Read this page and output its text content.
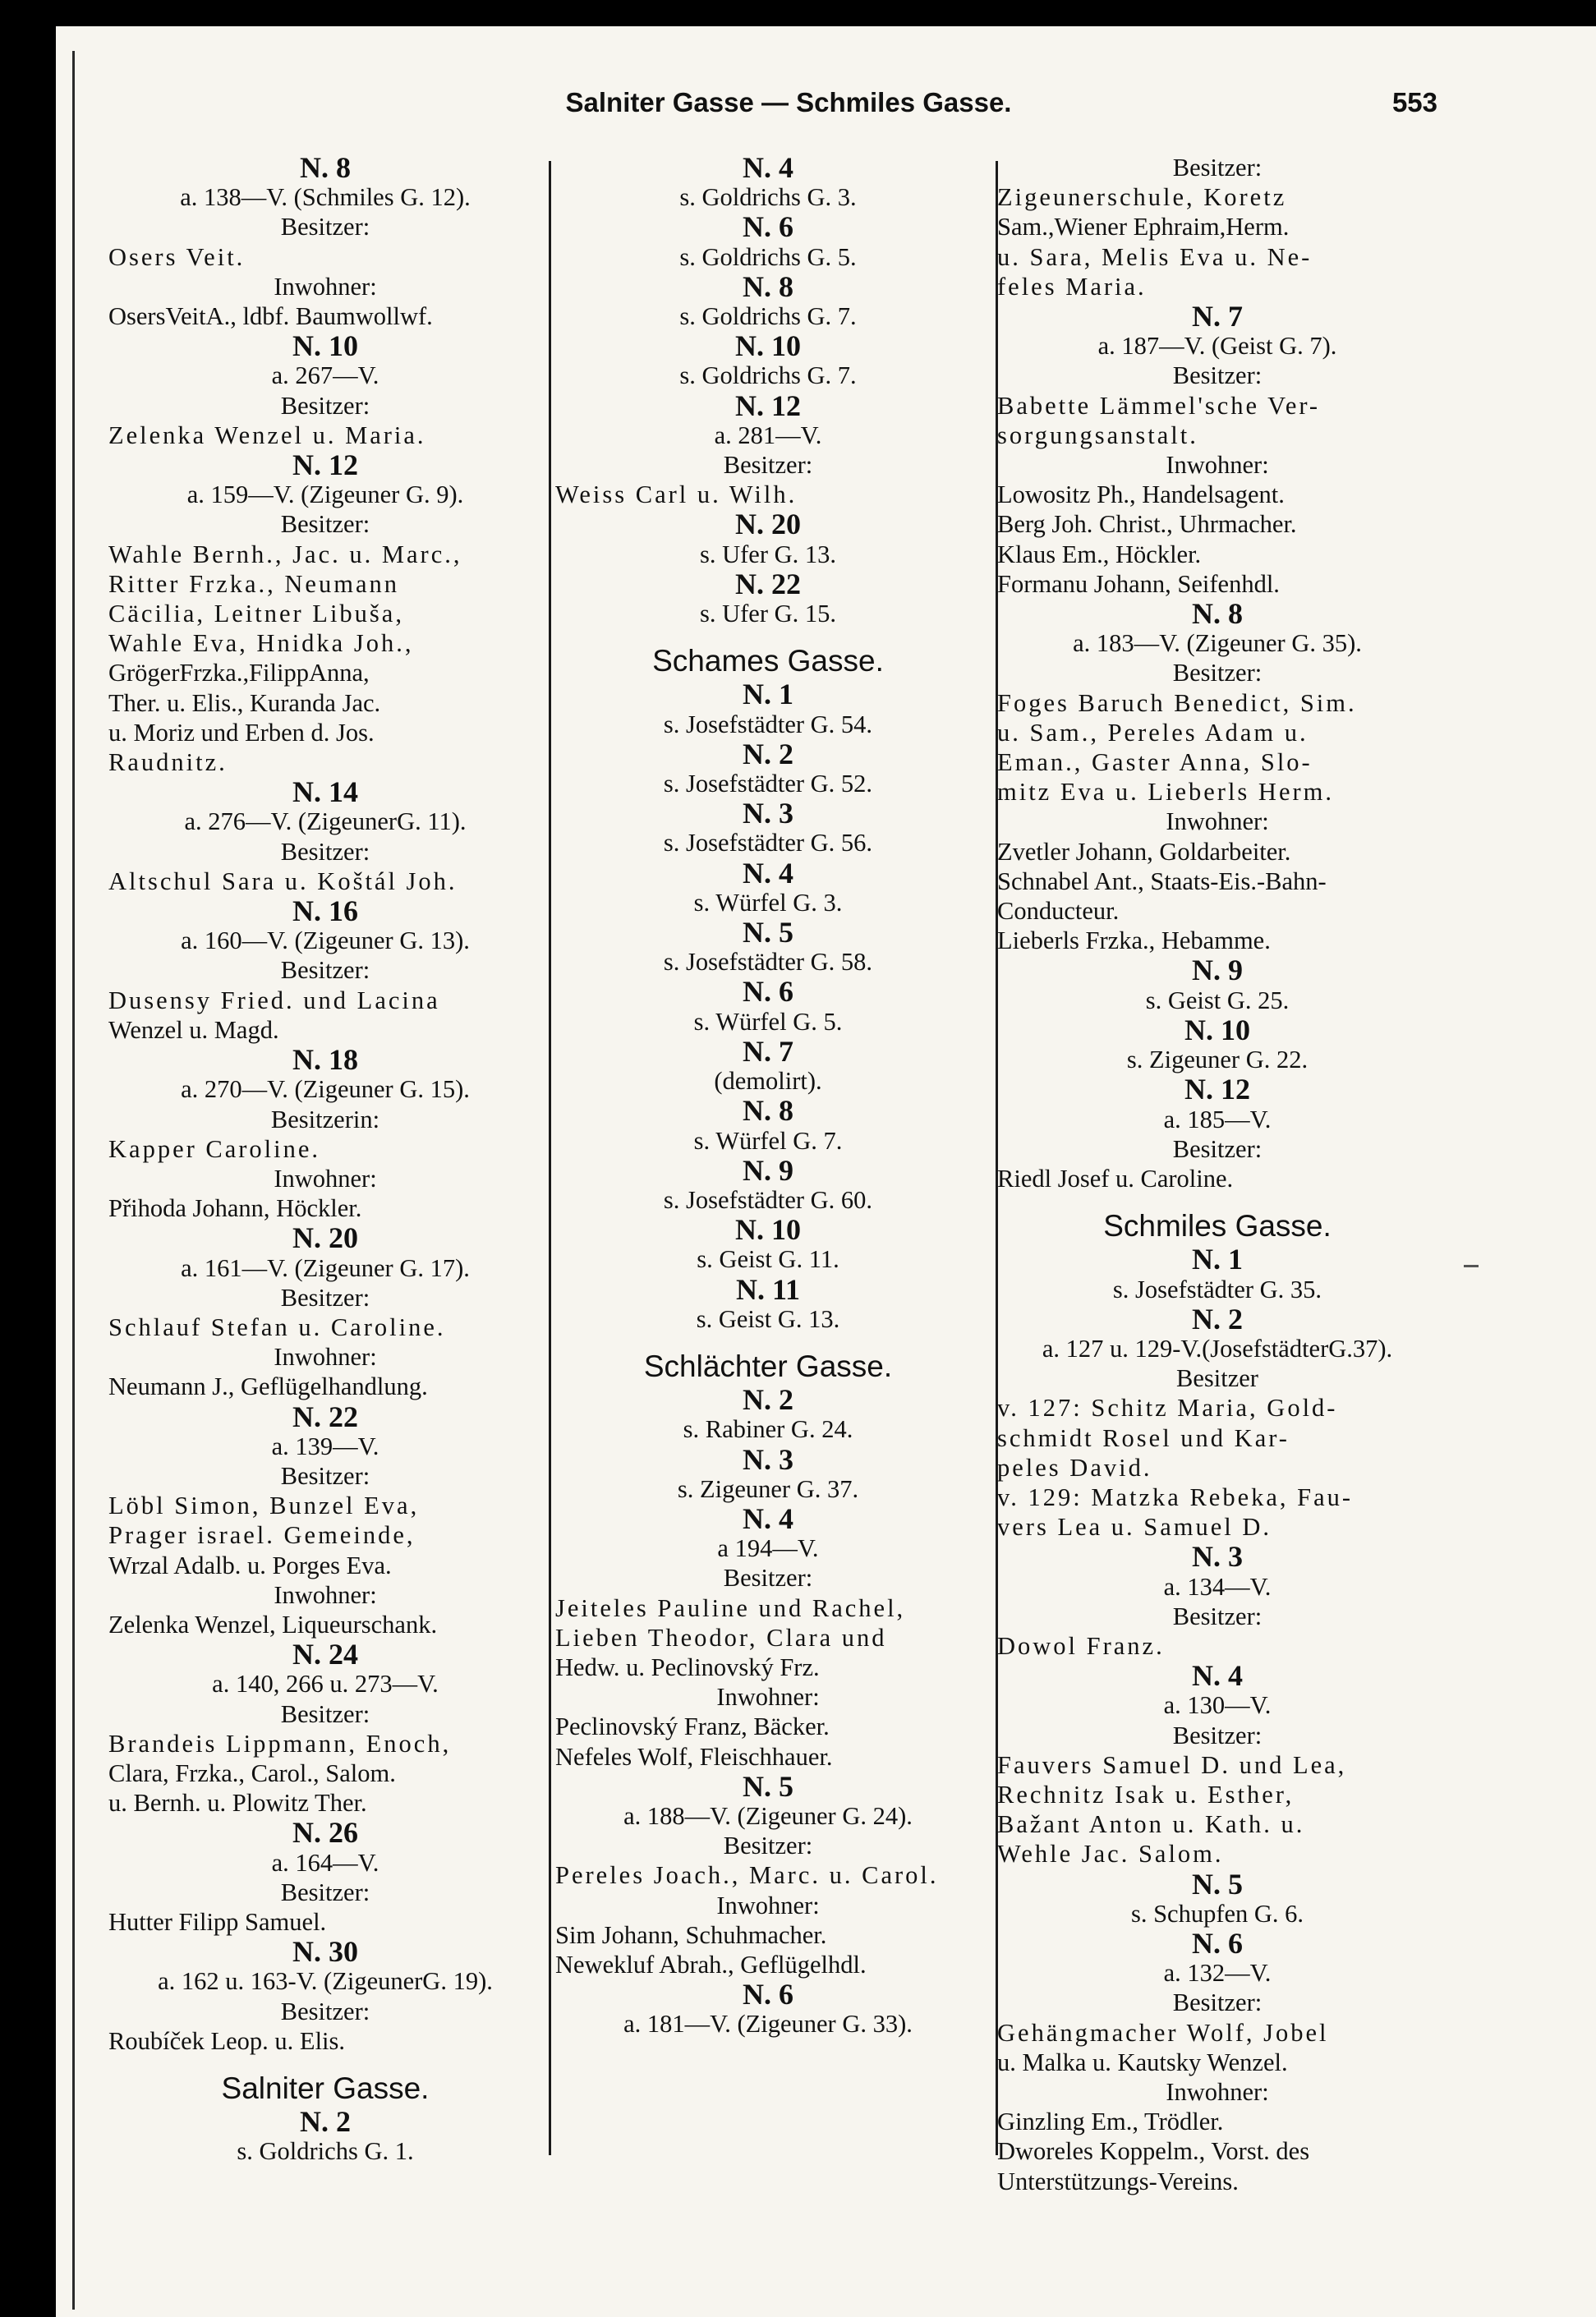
Salniter Gasse — Schmiles Gasse.	553
N. 8
a. 138—V. (Schmiles G. 12).
Besitzer:
Osers Veit.
Inwohner:
OsersVeitA., ldbf. Baumwollwf.
N. 10
a. 267—V.
Besitzer:
Zelenka Wenzel u. Maria.
N. 12
a. 159—V. (Zigeuner G. 9).
Besitzer:
Wahle Bernh., Jac. u. Marc.,
Ritter Frzka., Neumann
Cäcilia, Leitner Libuša,
Wahle Eva, Hnidka Joh.,
GrögerFrzka.,FilippAnna,
Ther. u. Elis., Kuranda Jac.
u. Moriz und Erben d. Jos.
Raudnitz.
N. 14
a. 276—V. (ZigeunerG. 11).
Besitzer:
Altschul Sara u. Koštál Joh.
N. 16
a. 160—V. (Zigeuner G. 13).
Besitzer:
Dusensy Fried. und Lacina
Wenzel u. Magd.
N. 18
a. 270—V. (Zigeuner G. 15).
Besitzerin:
Kapper Caroline.
Inwohner:
Přihoda Johann, Höckler.
N. 20
a. 161—V. (Zigeuner G. 17).
Besitzer:
Schlauf Stefan u. Caroline.
Inwohner:
Neumann J., Geflügelhandlung.
N. 22
a. 139—V.
Besitzer:
Löbl Simon, Bunzel Eva,
Prager israel. Gemeinde,
Wrzal Adalb. u. Porges Eva.
Inwohner:
Zelenka Wenzel, Liqueurschank.
N. 24
a. 140, 266 u. 273—V.
Besitzer:
Brandeis Lippmann, Enoch,
Clara, Frzka., Carol., Salom.
u. Bernh. u. Plowitz Ther.
N. 26
a. 164—V.
Besitzer:
Hutter Filipp Samuel.
N. 30
a. 162 u. 163-V. (ZigeunerG. 19).
Besitzer:
Roubíček Leop. u. Elis.
Salniter Gasse.
N. 2
s. Goldrichs G. 1.
N. 4
s. Goldrichs G. 3.
N. 6
s. Goldrichs G. 5.
N. 8
s. Goldrichs G. 7.
N. 10
s. Goldrichs G. 7.
N. 12
a. 281—V.
Besitzer:
Weiss Carl u. Wilh.
N. 20
s. Ufer G. 13.
N. 22
s. Ufer G. 15.
Schames Gasse.
N. 1
s. Josefstädter G. 54.
N. 2
s. Josefstädter G. 52.
N. 3
s. Josefstädter G. 56.
N. 4
s. Würfel G. 3.
N. 5
s. Josefstädter G. 58.
N. 6
s. Würfel G. 5.
N. 7
(demolirt).
N. 8
s. Würfel G. 7.
N. 9
s. Josefstädter G. 60.
N. 10
s. Geist G. 11.
N. 11
s. Geist G. 13.
Schlächter Gasse.
N. 2
s. Rabiner G. 24.
N. 3
s. Zigeuner G. 37.
N. 4
a 194—V.
Besitzer:
Jeiteles Pauline und Rachel,
Lieben Theodor, Clara und
Hedw. u. Peclinovský Frz.
Inwohner:
Peclinovský Franz, Bäcker.
Nefeles Wolf, Fleischhauer.
N. 5
a. 188—V. (Zigeuner G. 24).
Besitzer:
Pereles Joach., Marc. u. Carol.
Inwohner:
Sim Johann, Schuhmacher.
Newekluf Abrah., Geflügelhdl.
N. 6
a. 181—V. (Zigeuner G. 33).
Besitzer:
Zigeunerschule, Koretz
Sam.,Wiener Ephraim,Herm.
u. Sara, Melis Eva u. Ne-
feles Maria.
N. 7
a. 187—V. (Geist G. 7).
Besitzer:
Babette Lämmel'sche Ver-
sorgungsanstalt.
Inwohner:
Lowositz Ph., Handelsagent.
Berg Joh. Christ., Uhrmacher.
Klaus Em., Höckler.
Formanu Johann, Seifenhdl.
N. 8
a. 183—V. (Zigeuner G. 35).
Besitzer:
Foges Baruch Benedict, Sim.
u. Sam., Pereles Adam u.
Eman., Gaster Anna, Slo-
mitz Eva u. Lieberls Herm.
Inwohner:
Zvetler Johann, Goldarbeiter.
Schnabel Ant., Staats-Eis.-Bahn-
Conducteur.
Lieberls Frzka., Hebamme.
N. 9
s. Geist G. 25.
N. 10
s. Zigeuner G. 22.
N. 12
a. 185—V.
Besitzer:
Riedl Josef u. Caroline.
Schmiles Gasse.
N. 1
s. Josefstädter G. 35.
N. 2
a. 127 u. 129-V.(JosefstädterG.37).
Besitzer
v. 127: Schitz Maria, Gold-
schmidt Rosel und Kar-
peles David.
v. 129: Matzka Rebeka, Fau-
vers Lea u. Samuel D.
N. 3
a. 134—V.
Besitzer:
Dowol Franz.
N. 4
a. 130—V.
Besitzer:
Fauvers Samuel D. und Lea,
Rechnitz Isak u. Esther,
Bažant Anton u. Kath. u.
Wehle Jac. Salom.
N. 5
s. Schupfen G. 6.
N. 6
a. 132—V.
Besitzer:
Gehängmacher Wolf, Jobel
u. Malka u. Kautsky Wenzel.
Inwohner:
Ginzling Em., Trödler.
Dworeles Koppelm., Vorst. des
Unterstützungs-Vereins.
